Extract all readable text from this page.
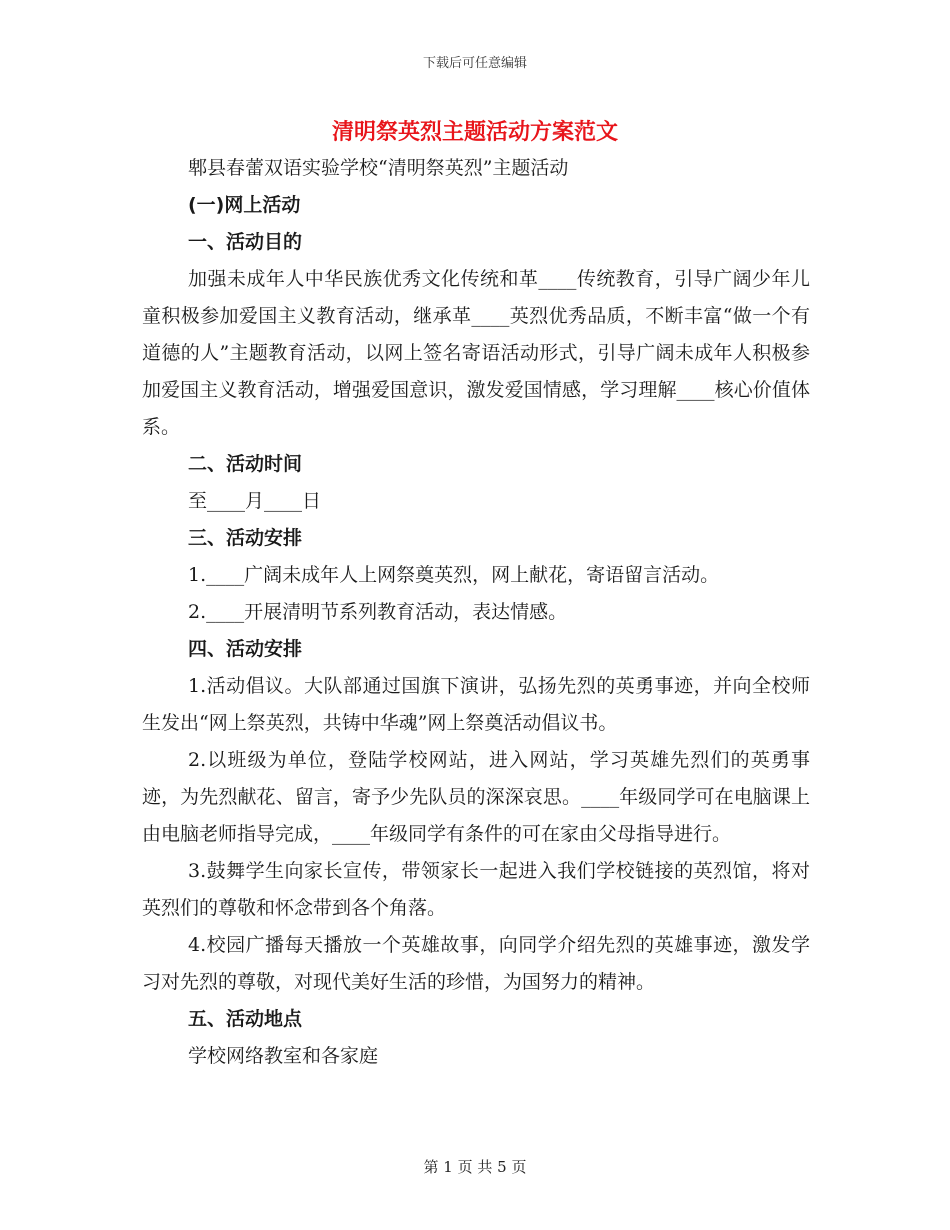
下载后可任意编辑
清明祭英烈主题活动方案范文

郫县春蕾双语实验学校“清明祭英烈”主题活动

(一)网上活动

一、活动目的

加强未成年人中华民族优秀文化传统和革____传统教育，引导广阔少年儿童积极参加爱国主义教育活动，继承革____英烈优秀品质，不断丰富“做一个有道德的人”主题教育活动，以网上签名寄语活动形式，引导广阔未成年人积极参加爱国主义教育活动，增强爱国意识，激发爱国情感，学习理解____核心价值体系。

二、活动时间

至____月____日

三、活动安排

1.____广阔未成年人上网祭奠英烈，网上献花，寄语留言活动。

2.____开展清明节系列教育活动，表达情感。

四、活动安排

1.活动倡议。大队部通过国旗下演讲，弘扬先烈的英勇事迹，并向全校师生发出“网上祭英烈，共铸中华魂”网上祭奠活动倡议书。

2.以班级为单位，登陆学校网站，进入网站，学习英雄先烈们的英勇事迹，为先烈献花、留言，寄予少先队员的深深哀思。____年级同学可在电脑课上由电脑老师指导完成，____年级同学有条件的可在家由父母指导进行。

3.鼓舞学生向家长宣传，带领家长一起进入我们学校链接的英烈馆，将对英烈们的尊敬和怀念带到各个角落。

4.校园广播每天播放一个英雄故事，向同学介绍先烈的英雄事迹，激发学习对先烈的尊敬，对现代美好生活的珍惜，为国努力的精神。

五、活动地点

学校网络教室和各家庭

第 1 页 共 5 页
